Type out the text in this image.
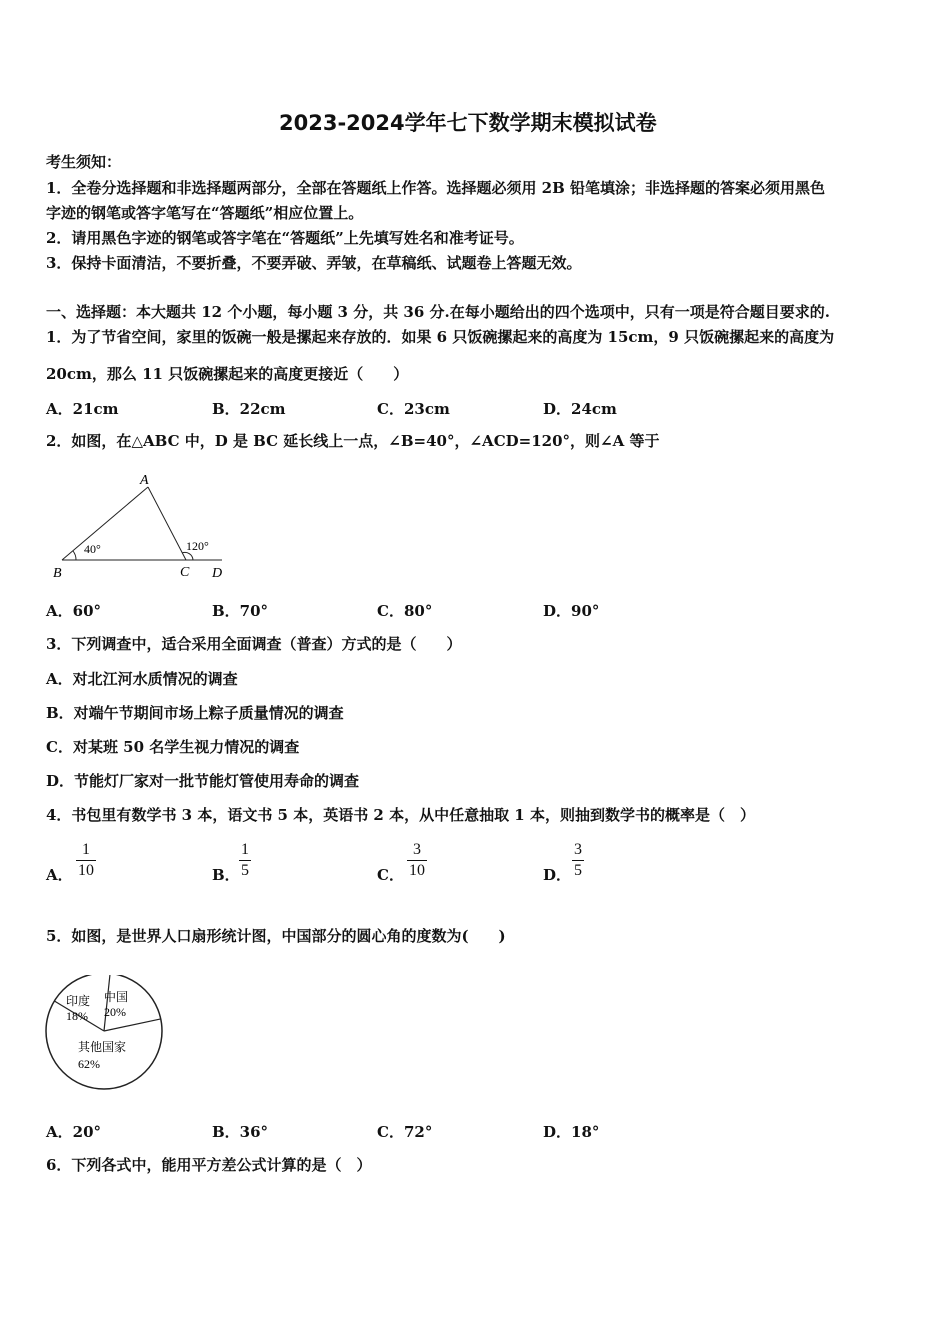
2023-2024学年七下数学期末模拟试卷
考生须知：
1．全卷分选择题和非选择题两部分，全部在答题纸上作答。选择题必须用 2B 铅笔填涂；非选择题的答案必须用黑色
字迹的钢笔或答字笔写在“答题纸”相应位置上。
2．请用黑色字迹的钢笔或答字笔在“答题纸”上先填写姓名和准考证号。
3．保持卡面清洁，不要折叠，不要弄破、弄皱，在草稿纸、试题卷上答题无效。
一、选择题：本大题共 12 个小题，每小题 3 分，共 36 分.在每小题给出的四个选项中，只有一项是符合题目要求的.
1．为了节省空间，家里的饭碗一般是摞起来存放的．如果 6 只饭碗摞起来的高度为 15cm，9 只饭碗摞起来的高度为
20cm，那么 11 只饭碗摞起来的高度更接近（　　）
A．21cm	B．22cm	C．23cm	D．24cm
2．如图，在△ABC 中，D 是 BC 延长线上一点，∠B=40°，∠ACD=120°，则∠A 等于
A
B	C D
40°	120°
A．60°	B．70°	C．80°	D．90°
3．下列调查中，适合采用全面调查（普查）方式的是（　　）
A．对北江河水质情况的调查
B．对端午节期间市场上粽子质量情况的调查
C．对某班 50 名学生视力情况的调查
D．节能灯厂家对一批节能灯管使用寿命的调查
4．书包里有数学书 3 本，语文书 5 本，英语书 2 本，从中任意抽取 1 本，则抽到数学书的概率是（　）
A． $\frac{1}{10}$	B． $\frac{1}{5}$	C． $\frac{3}{10}$	D． $\frac{3}{5}$
5．如图，是世界人口扇形统计图，中国部分的圆心角的度数为(　　)
印度
18%
中国
20%
其他国家
62%
A．20°	B．36°	C．72°	D．18°
6．下列各式中，能用平方差公式计算的是（　）
